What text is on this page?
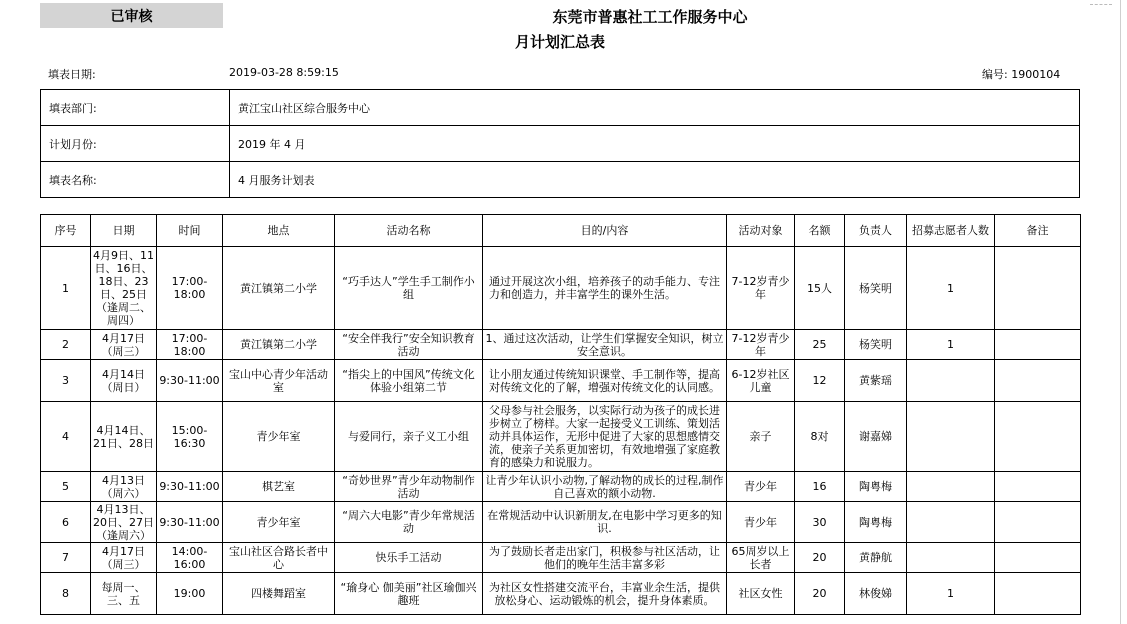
已审核	东莞市普惠社工工作服务中心
月计划汇总表
填表日期:	2019-03-28 8:59:15	编号: 1900104
填表部门:	黄江宝山社区综合服务中心
计划月份:	2019 年 4 月
填表名称:	4 月服务计划表
序号	日期	时间	地点	活动名称	目的/内容	活动对象	名额	负责人	招募志愿者人数	备注
1	4月9日、11日、16日、18日、23日、25日（逢周二、周四）	17:00-18:00	黄江镇第二小学	“巧手达人”学生手工制作小组	通过开展这次小组，培养孩子的动手能力、专注力和创造力，并丰富学生的课外生活。	7-12岁青少年	15人	杨笑明	1	
2	4月17日（周三）	17:00-18:00	黄江镇第二小学	“安全伴我行”安全知识教育活动	1、通过这次活动，让学生们掌握安全知识，树立安全意识。	7-12岁青少年	25	杨笑明	1	
3	4月14日（周日）	9:30-11:00	宝山中心青少年活动室	“指尖上的中国风”传统文化体验小组第二节	让小朋友通过传统知识课堂、手工制作等，提高对传统文化的了解，增强对传统文化的认同感。	6-12岁社区儿童	12	黄紫瑶		
4	4月14日、21日、28日	15:00-16:30	青少年室	与爱同行，亲子义工小组	父母参与社会服务，以实际行动为孩子的成长进步树立了榜样。大家一起接受义工训练、策划活动并具体运作，无形中促进了大家的思想感情交流，使亲子关系更加密切，有效地增强了家庭教育的感染力和说服力。	亲子	8对	谢嘉娣		
5	4月13日（周六）	9:30-11:00	棋艺室	“奇妙世界”青少年动物制作活动	让青少年认识小动物,了解动物的成长的过程,制作自己喜欢的额小动物.	青少年	16	陶粤梅		
6	4月13日、20日、27日（逢周六）	9:30-11:00	青少年室	“周六大电影”青少年常规活动	在常规活动中认识新朋友,在电影中学习更多的知识.	青少年	30	陶粤梅		
7	4月17日（周三）	14:00-16:00	宝山社区合路长者中心	快乐手工活动	为了鼓励长者走出家门，积极参与社区活动，让他们的晚年生活丰富多彩	65周岁以上长者	20	黄静航		
8	每周一、三、五	19:00	四楼舞蹈室	“瑜身心 伽美丽”社区瑜伽兴趣班	为社区女性搭建交流平台，丰富业余生活，提供放松身心、运动锻炼的机会，提升身体素质。	社区女性	20	林俊娣	1	
